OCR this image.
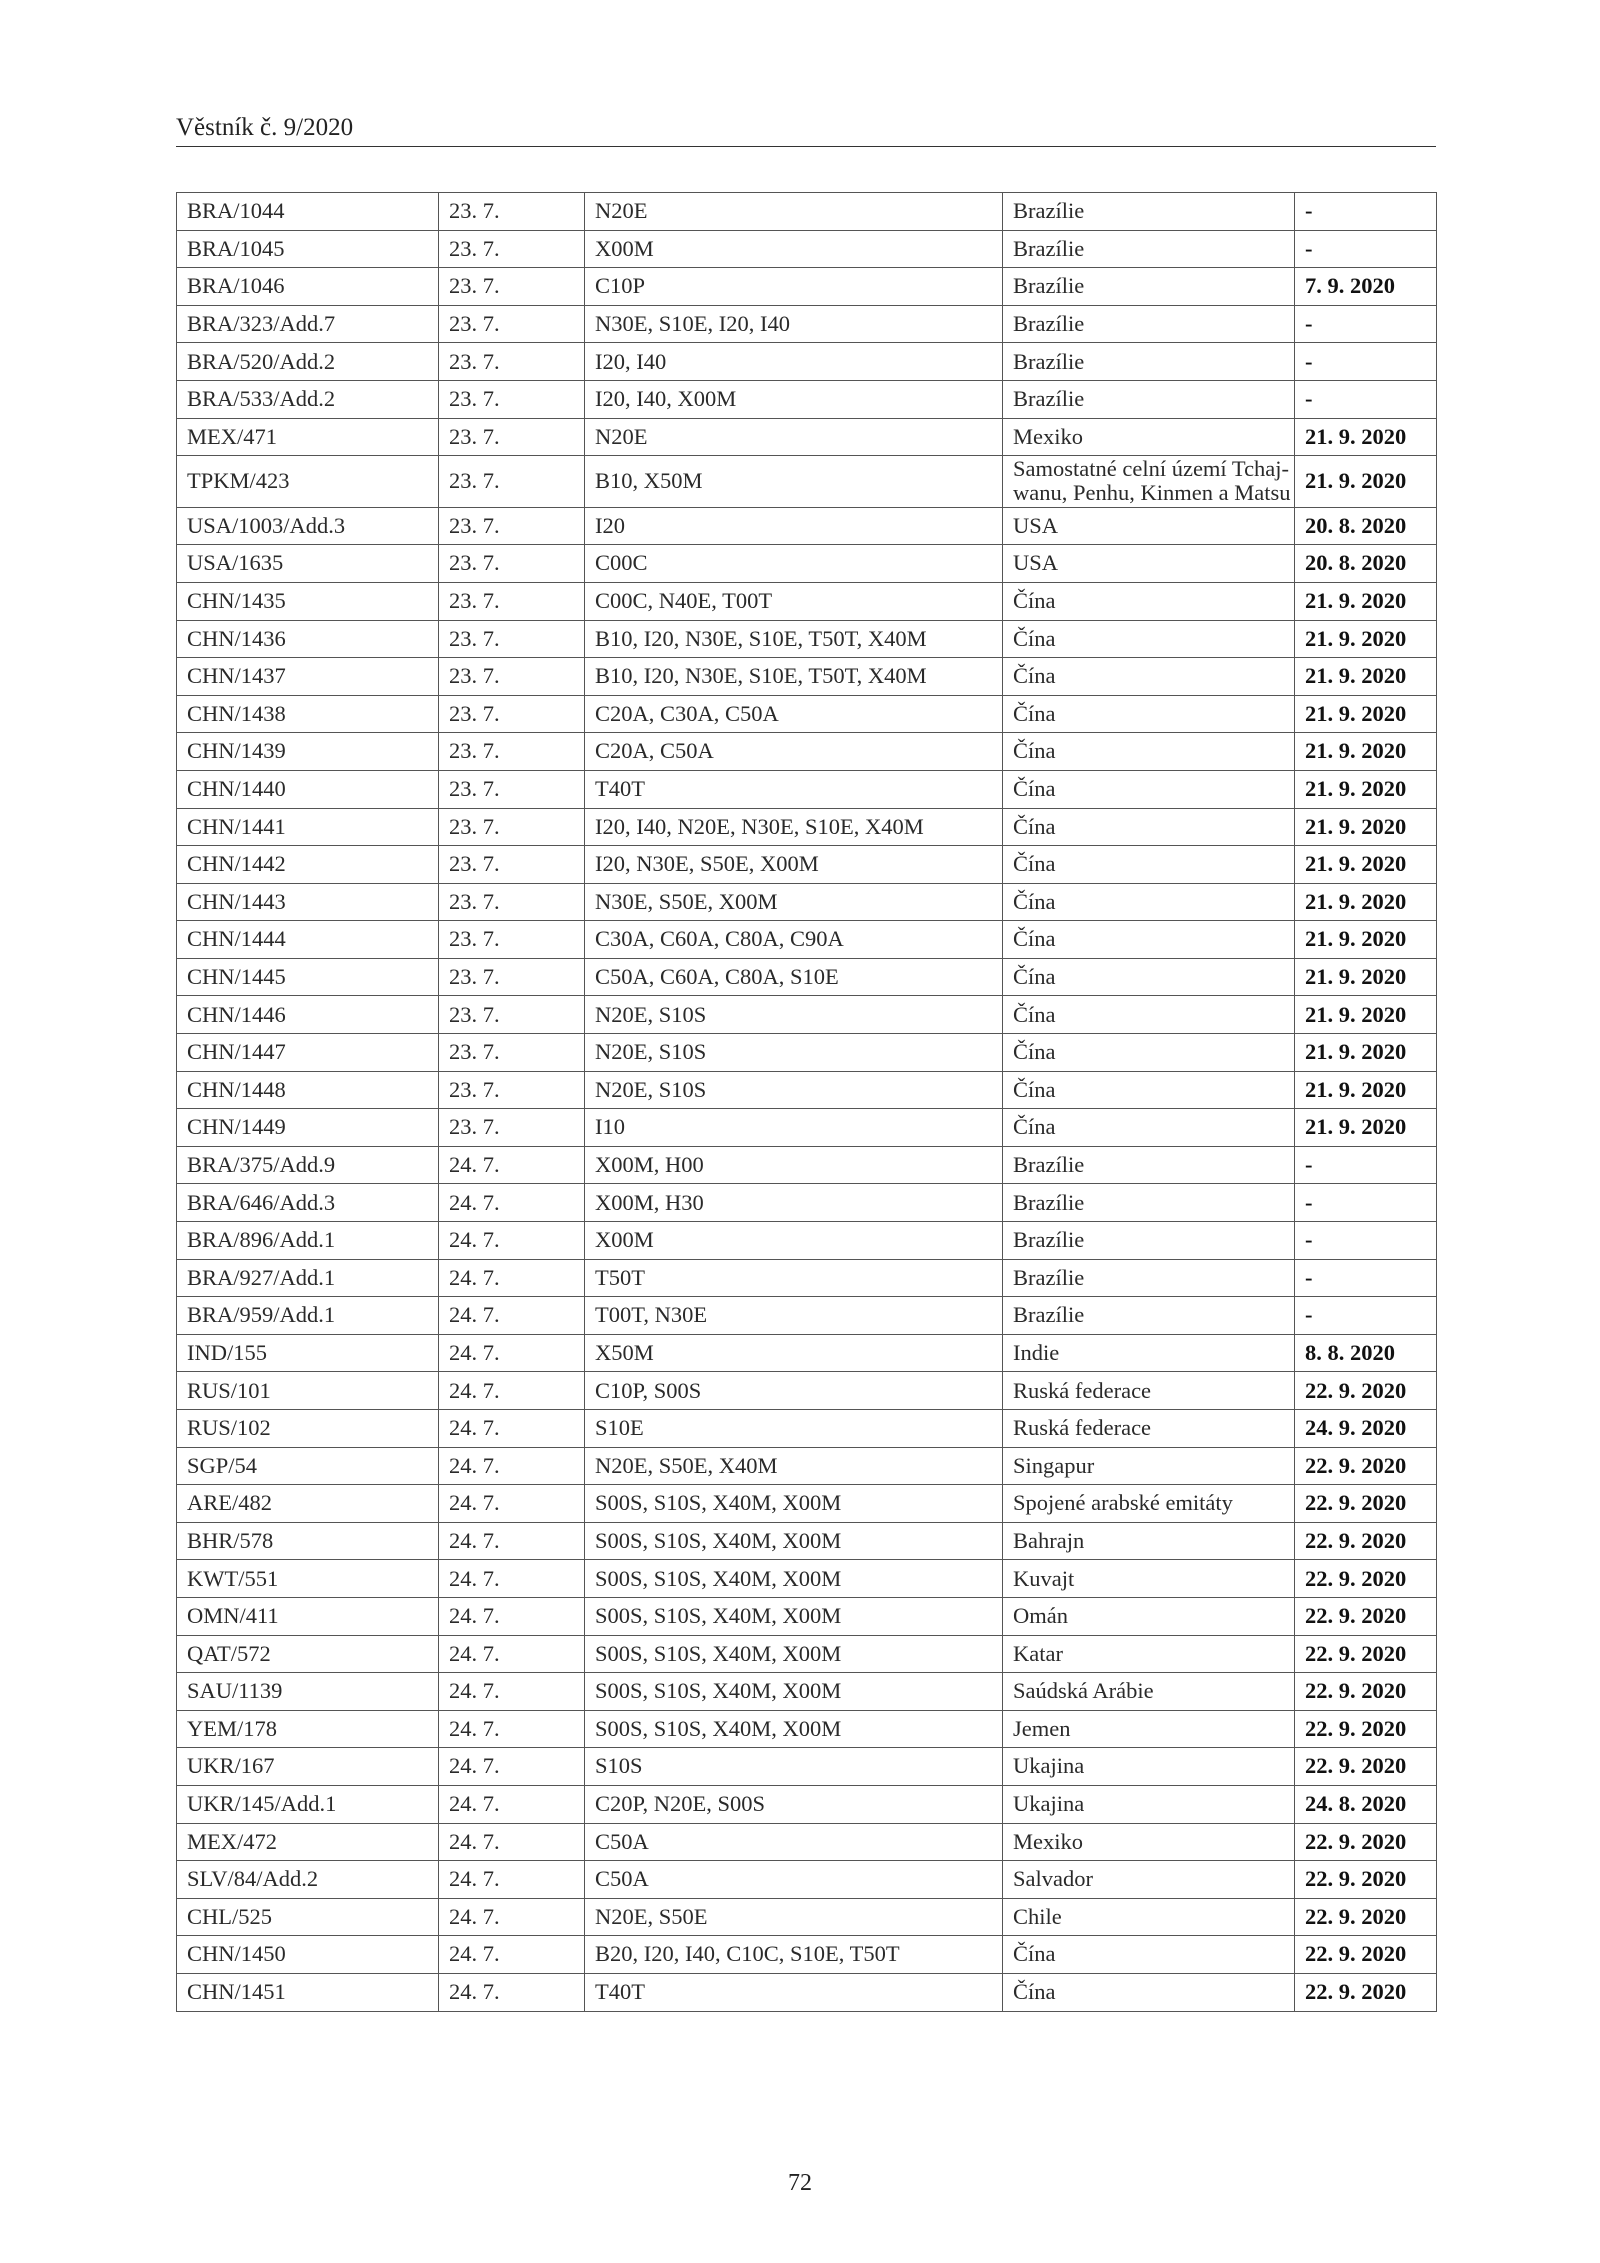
Věstník č. 9/2020
BRA/1044	23. 7.	N20E	Brazílie	-
BRA/1045	23. 7.	X00M	Brazílie	-
BRA/1046	23. 7.	C10P	Brazílie	7. 9. 2020
BRA/323/Add.7	23. 7.	N30E, S10E, I20, I40	Brazílie	-
BRA/520/Add.2	23. 7.	I20, I40	Brazílie	-
BRA/533/Add.2	23. 7.	I20, I40, X00M	Brazílie	-
MEX/471	23. 7.	N20E	Mexiko	21. 9. 2020
TPKM/423	23. 7.	B10, X50M	Samostatné celní území Tchaj-wanu, Penhu, Kinmen a Matsu	21. 9. 2020
USA/1003/Add.3	23. 7.	I20	USA	20. 8. 2020
USA/1635	23. 7.	C00C	USA	20. 8. 2020
CHN/1435	23. 7.	C00C, N40E, T00T	Čína	21. 9. 2020
CHN/1436	23. 7.	B10, I20, N30E, S10E, T50T, X40M	Čína	21. 9. 2020
CHN/1437	23. 7.	B10, I20, N30E, S10E, T50T, X40M	Čína	21. 9. 2020
CHN/1438	23. 7.	C20A, C30A, C50A	Čína	21. 9. 2020
CHN/1439	23. 7.	C20A, C50A	Čína	21. 9. 2020
CHN/1440	23. 7.	T40T	Čína	21. 9. 2020
CHN/1441	23. 7.	I20, I40, N20E, N30E, S10E, X40M	Čína	21. 9. 2020
CHN/1442	23. 7.	I20, N30E, S50E, X00M	Čína	21. 9. 2020
CHN/1443	23. 7.	N30E, S50E, X00M	Čína	21. 9. 2020
CHN/1444	23. 7.	C30A, C60A, C80A, C90A	Čína	21. 9. 2020
CHN/1445	23. 7.	C50A, C60A, C80A, S10E	Čína	21. 9. 2020
CHN/1446	23. 7.	N20E, S10S	Čína	21. 9. 2020
CHN/1447	23. 7.	N20E, S10S	Čína	21. 9. 2020
CHN/1448	23. 7.	N20E, S10S	Čína	21. 9. 2020
CHN/1449	23. 7.	I10	Čína	21. 9. 2020
BRA/375/Add.9	24. 7.	X00M, H00	Brazílie	-
BRA/646/Add.3	24. 7.	X00M, H30	Brazílie	-
BRA/896/Add.1	24. 7.	X00M	Brazílie	-
BRA/927/Add.1	24. 7.	T50T	Brazílie	-
BRA/959/Add.1	24. 7.	T00T, N30E	Brazílie	-
IND/155	24. 7.	X50M	Indie	8. 8. 2020
RUS/101	24. 7.	C10P, S00S	Ruská federace	22. 9. 2020
RUS/102	24. 7.	S10E	Ruská federace	24. 9. 2020
SGP/54	24. 7.	N20E, S50E, X40M	Singapur	22. 9. 2020
ARE/482	24. 7.	S00S, S10S, X40M, X00M	Spojené arabské emitáty	22. 9. 2020
BHR/578	24. 7.	S00S, S10S, X40M, X00M	Bahrajn	22. 9. 2020
KWT/551	24. 7.	S00S, S10S, X40M, X00M	Kuvajt	22. 9. 2020
OMN/411	24. 7.	S00S, S10S, X40M, X00M	Omán	22. 9. 2020
QAT/572	24. 7.	S00S, S10S, X40M, X00M	Katar	22. 9. 2020
SAU/1139	24. 7.	S00S, S10S, X40M, X00M	Saúdská Arábie	22. 9. 2020
YEM/178	24. 7.	S00S, S10S, X40M, X00M	Jemen	22. 9. 2020
UKR/167	24. 7.	S10S	Ukajina	22. 9. 2020
UKR/145/Add.1	24. 7.	C20P, N20E, S00S	Ukajina	24. 8. 2020
MEX/472	24. 7.	C50A	Mexiko	22. 9. 2020
SLV/84/Add.2	24. 7.	C50A	Salvador	22. 9. 2020
CHL/525	24. 7.	N20E, S50E	Chile	22. 9. 2020
CHN/1450	24. 7.	B20, I20, I40, C10C, S10E, T50T	Čína	22. 9. 2020
CHN/1451	24. 7.	T40T	Čína	22. 9. 2020
72
